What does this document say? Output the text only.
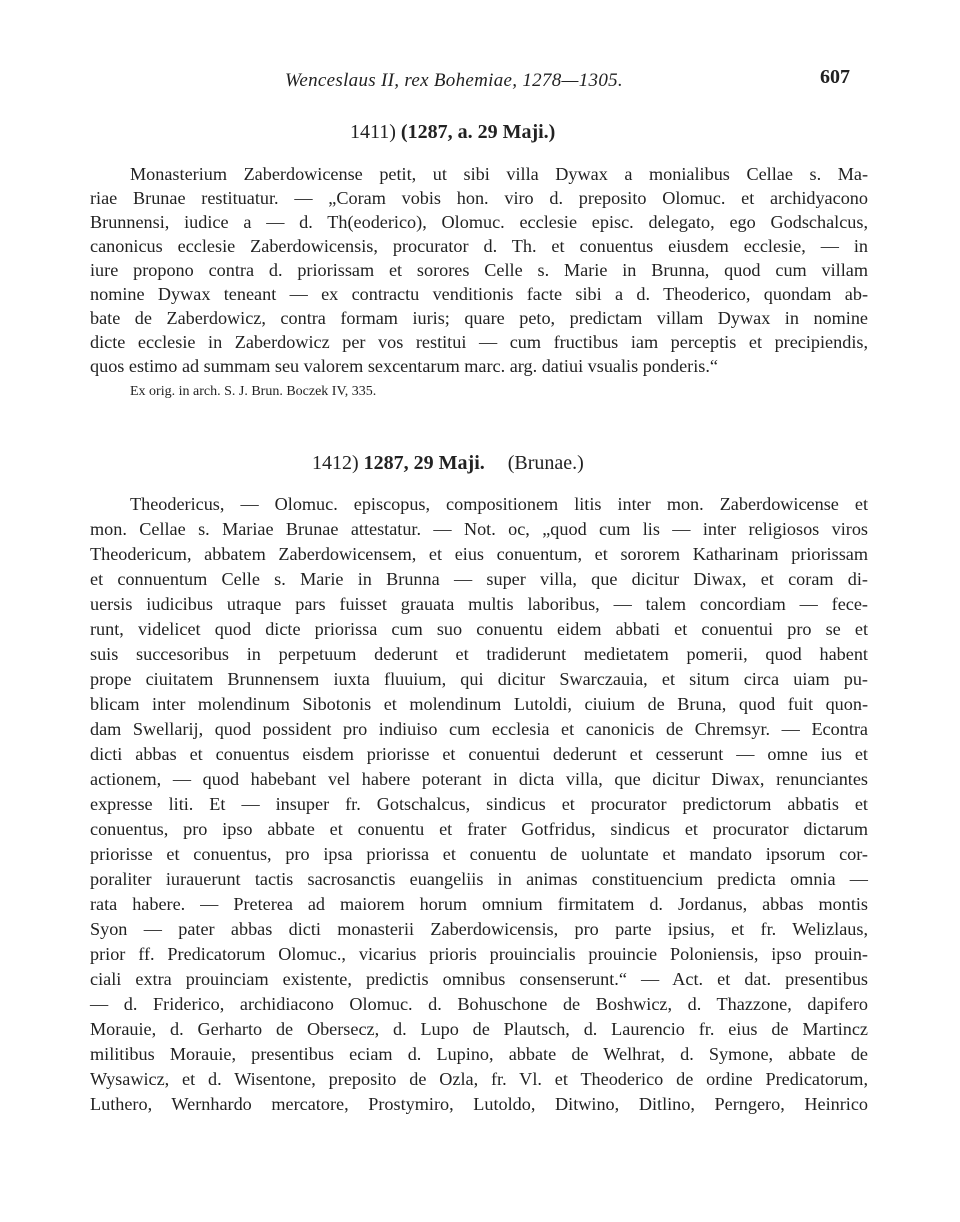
Wenceslaus II, rex Bohemiae, 1278—1305.	607
1411) (1287, a. 29 Maji.)

Monasterium Zaberdowicense petit, ut sibi villa Dywax a monialibus Cellae s. Ma-

riae Brunae restituatur. — „Coram vobis hon. viro d. preposito Olomuc. et archidyacono

Brunnensi, iudice a — d. Th(eoderico), Olomuc. ecclesie episc. delegato, ego Godschalcus,

canonicus ecclesie Zaberdowicensis, procurator d. Th. et conuentus eiusdem ecclesie, — in

iure propono contra d. priorissam et sorores Celle s. Marie in Brunna, quod cum villam

nomine Dywax teneant — ex contractu venditionis facte sibi a d. Theoderico, quondam ab-

bate de Zaberdowicz, contra formam iuris; quare peto, predictam villam Dywax in nomine

dicte ecclesie in Zaberdowicz per vos restitui — cum fructibus iam perceptis et precipiendis,

quos estimo ad summam seu valorem sexcentarum marc. arg. datiui vsualis ponderis.“

Ex orig. in arch. S. J. Brun. Boczek IV, 335.
1412) 1287, 29 Maji. (Brunae.)

Theodericus, — Olomuc. episcopus, compositionem litis inter mon. Zaberdowicense et

mon. Cellae s. Mariae Brunae attestatur. — Not. oc, „quod cum lis — inter religiosos viros

Theodericum, abbatem Zaberdowicensem, et eius conuentum, et sororem Katharinam priorissam

et connuentum Celle s. Marie in Brunna — super villa, que dicitur Diwax, et coram di-

uersis iudicibus utraque pars fuisset grauata multis laboribus, — talem concordiam — fece-

runt, videlicet quod dicte priorissa cum suo conuentu eidem abbati et conuentui pro se et

suis succesoribus in perpetuum dederunt et tradiderunt medietatem pomerii, quod habent

prope ciuitatem Brunnensem iuxta fluuium, qui dicitur Swarczauia, et situm circa uiam pu-

blicam inter molendinum Sibotonis et molendinum Lutoldi, ciuium de Bruna, quod fuit quon-

dam Swellarij, quod possident pro indiuiso cum ecclesia et canonicis de Chremsyr. — Econtra

dicti abbas et conuentus eisdem priorisse et conuentui dederunt et cesserunt — omne ius et

actionem, — quod habebant vel habere poterant in dicta villa, que dicitur Diwax, renunciantes

expresse liti. Et — insuper fr. Gotschalcus, sindicus et procurator predictorum abbatis et

conuentus, pro ipso abbate et conuentu et frater Gotfridus, sindicus et procurator dictarum

priorisse et conuentus, pro ipsa priorissa et conuentu de uoluntate et mandato ipsorum cor-

poraliter iurauerunt tactis sacrosanctis euangeliis in animas constituencium predicta omnia —

rata habere. — Preterea ad maiorem horum omnium firmitatem d. Jordanus, abbas montis

Syon — pater abbas dicti monasterii Zaberdowicensis, pro parte ipsius, et fr. Welizlaus,

prior ff. Predicatorum Olomuc., vicarius prioris prouincialis prouincie Poloniensis, ipso prouin-

ciali extra prouinciam existente, predictis omnibus consenserunt.“ — Act. et dat. presentibus

— d. Friderico, archidiacono Olomuc. d. Bohuschone de Boshwicz, d. Thazzone, dapifero

Morauie, d. Gerharto de Obersecz, d. Lupo de Plautsch, d. Laurencio fr. eius de Martincz

militibus Morauie, presentibus eciam d. Lupino, abbate de Welhrat, d. Symone, abbate de

Wysawicz, et d. Wisentone, preposito de Ozla, fr. Vl. et Theoderico de ordine Predicatorum,

Luthero, Wernhardo mercatore, Prostymiro, Lutoldo, Ditwino, Ditlino, Perngero, Heinrico
